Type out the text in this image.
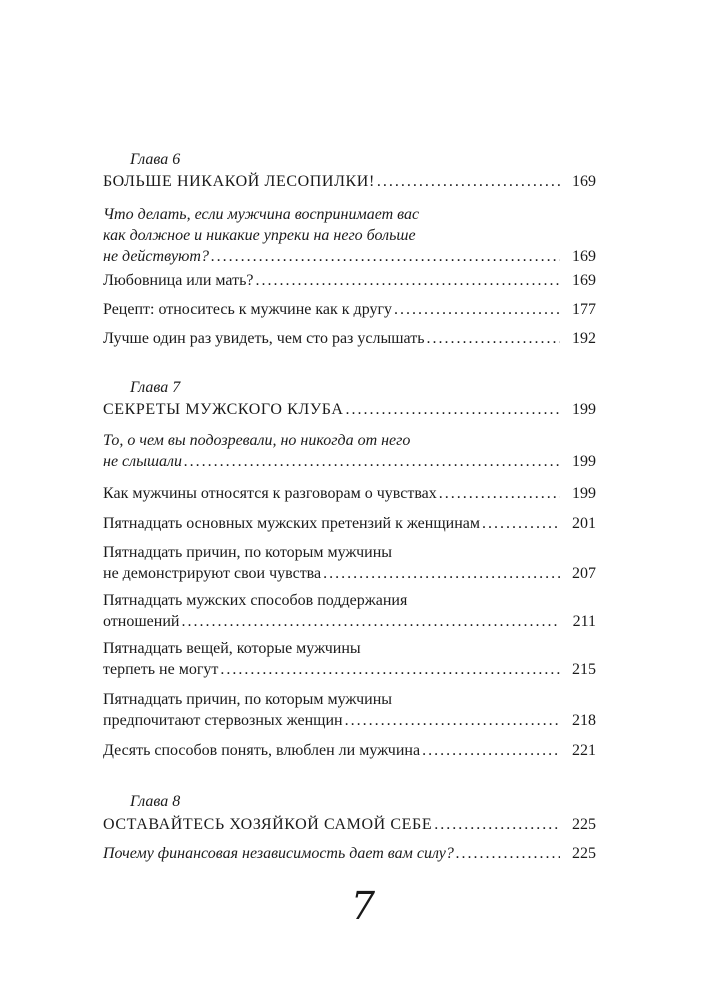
Глава 6
БОЛЬШЕ НИКАКОЙ ЛЕСОПИЛКИ! . . .	169
Что делать, если мужчина воспринимает вас
как должное и никакие упреки на него больше
не действуют? . . .	169
Любовница или мать? . . .	169
Рецепт: относитесь к мужчине как к другу . . .	177
Лучше один раз увидеть, чем сто раз услышать . . .	192
Глава 7
СЕКРЕТЫ МУЖСКОГО КЛУБА . . .	199
То, о чем вы подозревали, но никогда от него
не слышали . . .	199
Как мужчины относятся к разговорам о чувствах . . .	199
Пятнадцать основных мужских претензий к женщинам . . .	201
Пятнадцать причин, по которым мужчины
не демонстрируют свои чувства . . .	207
Пятнадцать мужских способов поддержания
отношений . . .	211
Пятнадцать вещей, которые мужчины
терпеть не могут . . .	215
Пятнадцать причин, по которым мужчины
предпочитают стервозных женщин . . .	218
Десять способов понять, влюблен ли мужчина . . .	221
Глава 8
ОСТАВАЙТЕСЬ ХОЗЯЙКОЙ САМОЙ СЕБЕ . . .	225
Почему финансовая независимость дает вам силу? . . .	225
7
